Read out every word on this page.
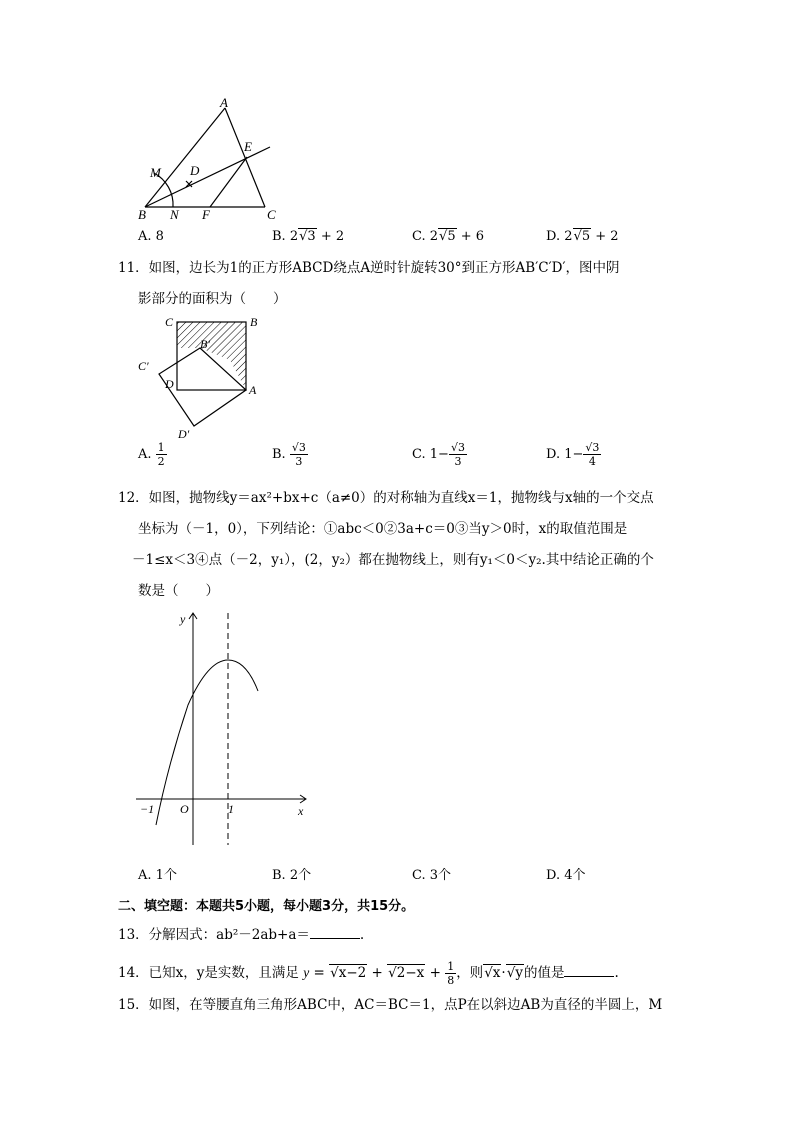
A
E
M D
B N F	C
A. 8	B. 2√3 + 2	C. 2√5 + 6	D. 2√5 + 2
11．如图，边长为1的正方形ABCD绕点A逆时针旋转30°到正方形AB′C′D′，图中阴
影部分的面积为（　　）
C	B
B′
C′
D	A
D′
A. $\frac{1}{2}$	B. $\frac{√3}{3}$	C. $1- \frac{√3}{3}$	D. $1- \frac{√3}{4}$
12．如图，抛物线y＝ax²+bx+c（a≠0）的对称轴为直线x＝1，抛物线与x轴的一个交点
坐标为（－1，0），下列结论：①abc＜0②3a+c＝0③当y＞0时，x的取值范围是
－1≤x＜3④点（－2，y₁），(2，y₂）都在抛物线上，则有y₁＜0＜y₂.其中结论正确的个
数是（　　）
y
x
−1 O	1
A. 1个	B. 2个	C. 3个	D. 4个
二、填空题：本题共5小题，每小题3分，共15分。
13．分解因式：ab²－2ab+a＝	.
14．已知x，y是实数，且满足 $y = √x-2 + √2-x + \frac{1}{8}$ ，则√x·√y的值是	.
15．如图，在等腰直角三角形ABC中，AC＝BC＝1，点P在以斜边AB为直径的半圆上，M
